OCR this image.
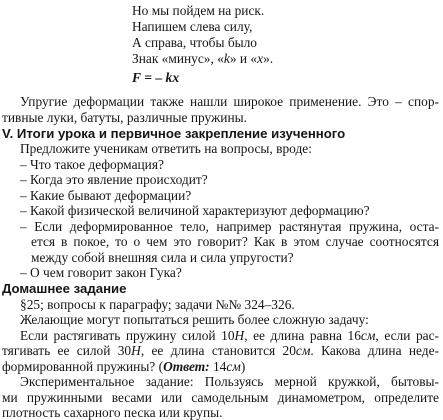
Но мы пойдем на риск.
Напишем слева силу,
А справа, чтобы было
Знак «минус», «k» и «x».
F = – kx
Упругие деформации также нашли широкое применение. Это – спор-
тивные луки, батуты, различные пружины.
V. Итоги урока и первичное закрепление изученного
Предложите ученикам ответить на вопросы, вроде:
– Что такое деформация?
– Когда это явление происходит?
– Какие бывают деформации?
– Какой физической величиной характеризуют деформацию?
– Если деформированное тело, например растянутая пружина, оста-
ется в покое, то о чем это говорит? Как в этом случае соотносятся
между собой внешняя сила и сила упругости?
– О чем говорит закон Гука?
Домашнее задание
§25; вопросы к параграфу; задачи №№ 324–326.
Желающие могут попытаться решить более сложную задачу:
Если растягивать пружину силой 10Н, ее длина равна 16см, если рас-
тягивать ее силой 30Н, ее длина становится 20см. Какова длина неде-
формированной пружины? (Ответ: 14см)
Экспериментальное задание: Пользуясь мерной кружкой, бытовы-
ми пружинными весами или самодельным динамометром, определите
плотность сахарного песка или крупы.
